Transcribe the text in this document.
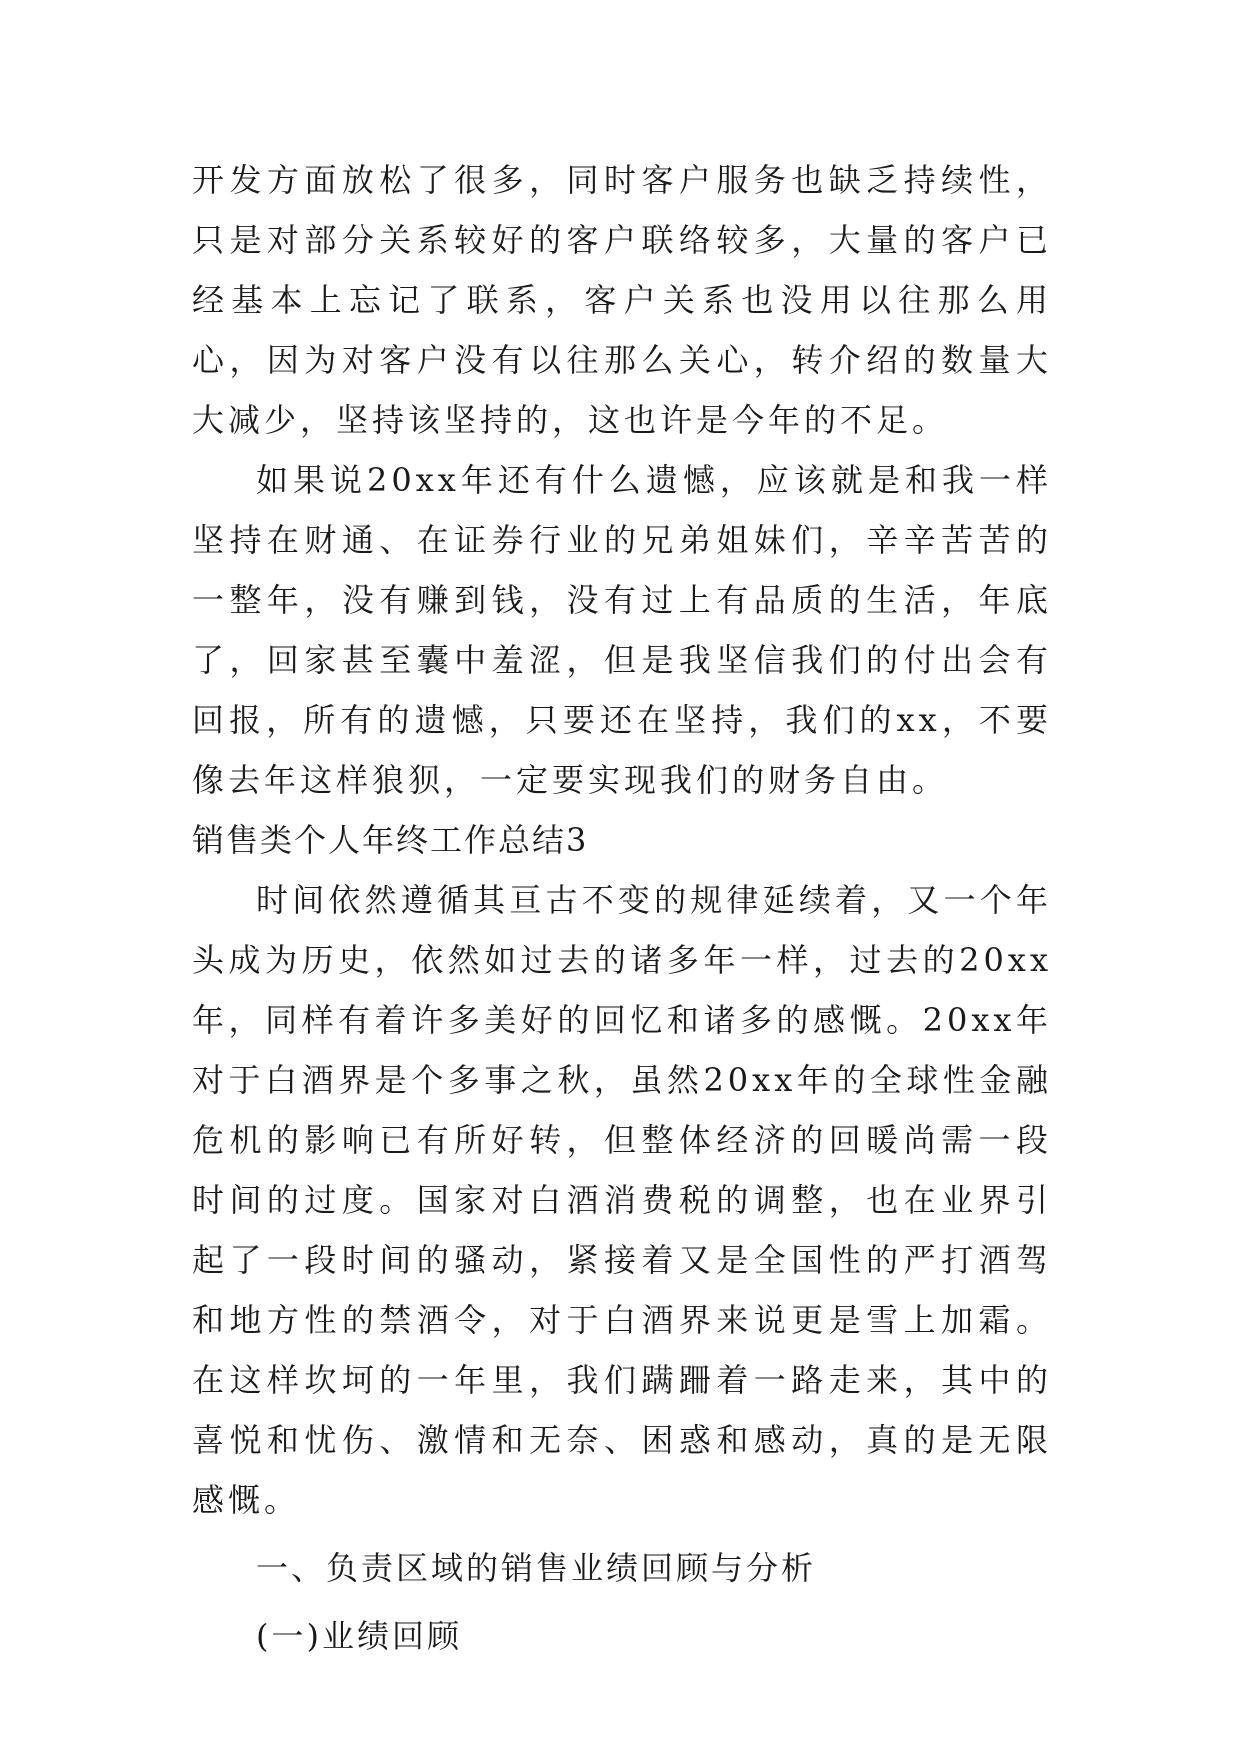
开发方面放松了很多，同时客户服务也缺乏持续性，只是对部分关系较好的客户联络较多，大量的客户已经基本上忘记了联系，客户关系也没用以往那么用心，因为对客户没有以往那么关心，转介绍的数量大大减少，坚持该坚持的，这也许是今年的不足。

如果说20xx年还有什么遗憾，应该就是和我一样坚持在财通、在证券行业的兄弟姐妹们，辛辛苦苦的一整年，没有赚到钱，没有过上有品质的生活，年底了，回家甚至囊中羞涩，但是我坚信我们的付出会有回报，所有的遗憾，只要还在坚持，我们的xx，不要像去年这样狼狈，一定要实现我们的财务自由。

销售类个人年终工作总结3

时间依然遵循其亘古不变的规律延续着，又一个年头成为历史，依然如过去的诸多年一样，过去的20xx年，同样有着许多美好的回忆和诸多的感慨。20xx年对于白酒界是个多事之秋，虽然20xx年的全球性金融危机的影响已有所好转，但整体经济的回暖尚需一段时间的过度。国家对白酒消费税的调整，也在业界引起了一段时间的骚动，紧接着又是全国性的严打酒驾和地方性的禁酒令，对于白酒界来说更是雪上加霜。在这样坎坷的一年里，我们蹒跚着一路走来，其中的喜悦和忧伤、激情和无奈、困惑和感动，真的是无限感慨。

一、负责区域的销售业绩回顾与分析

(一)业绩回顾
